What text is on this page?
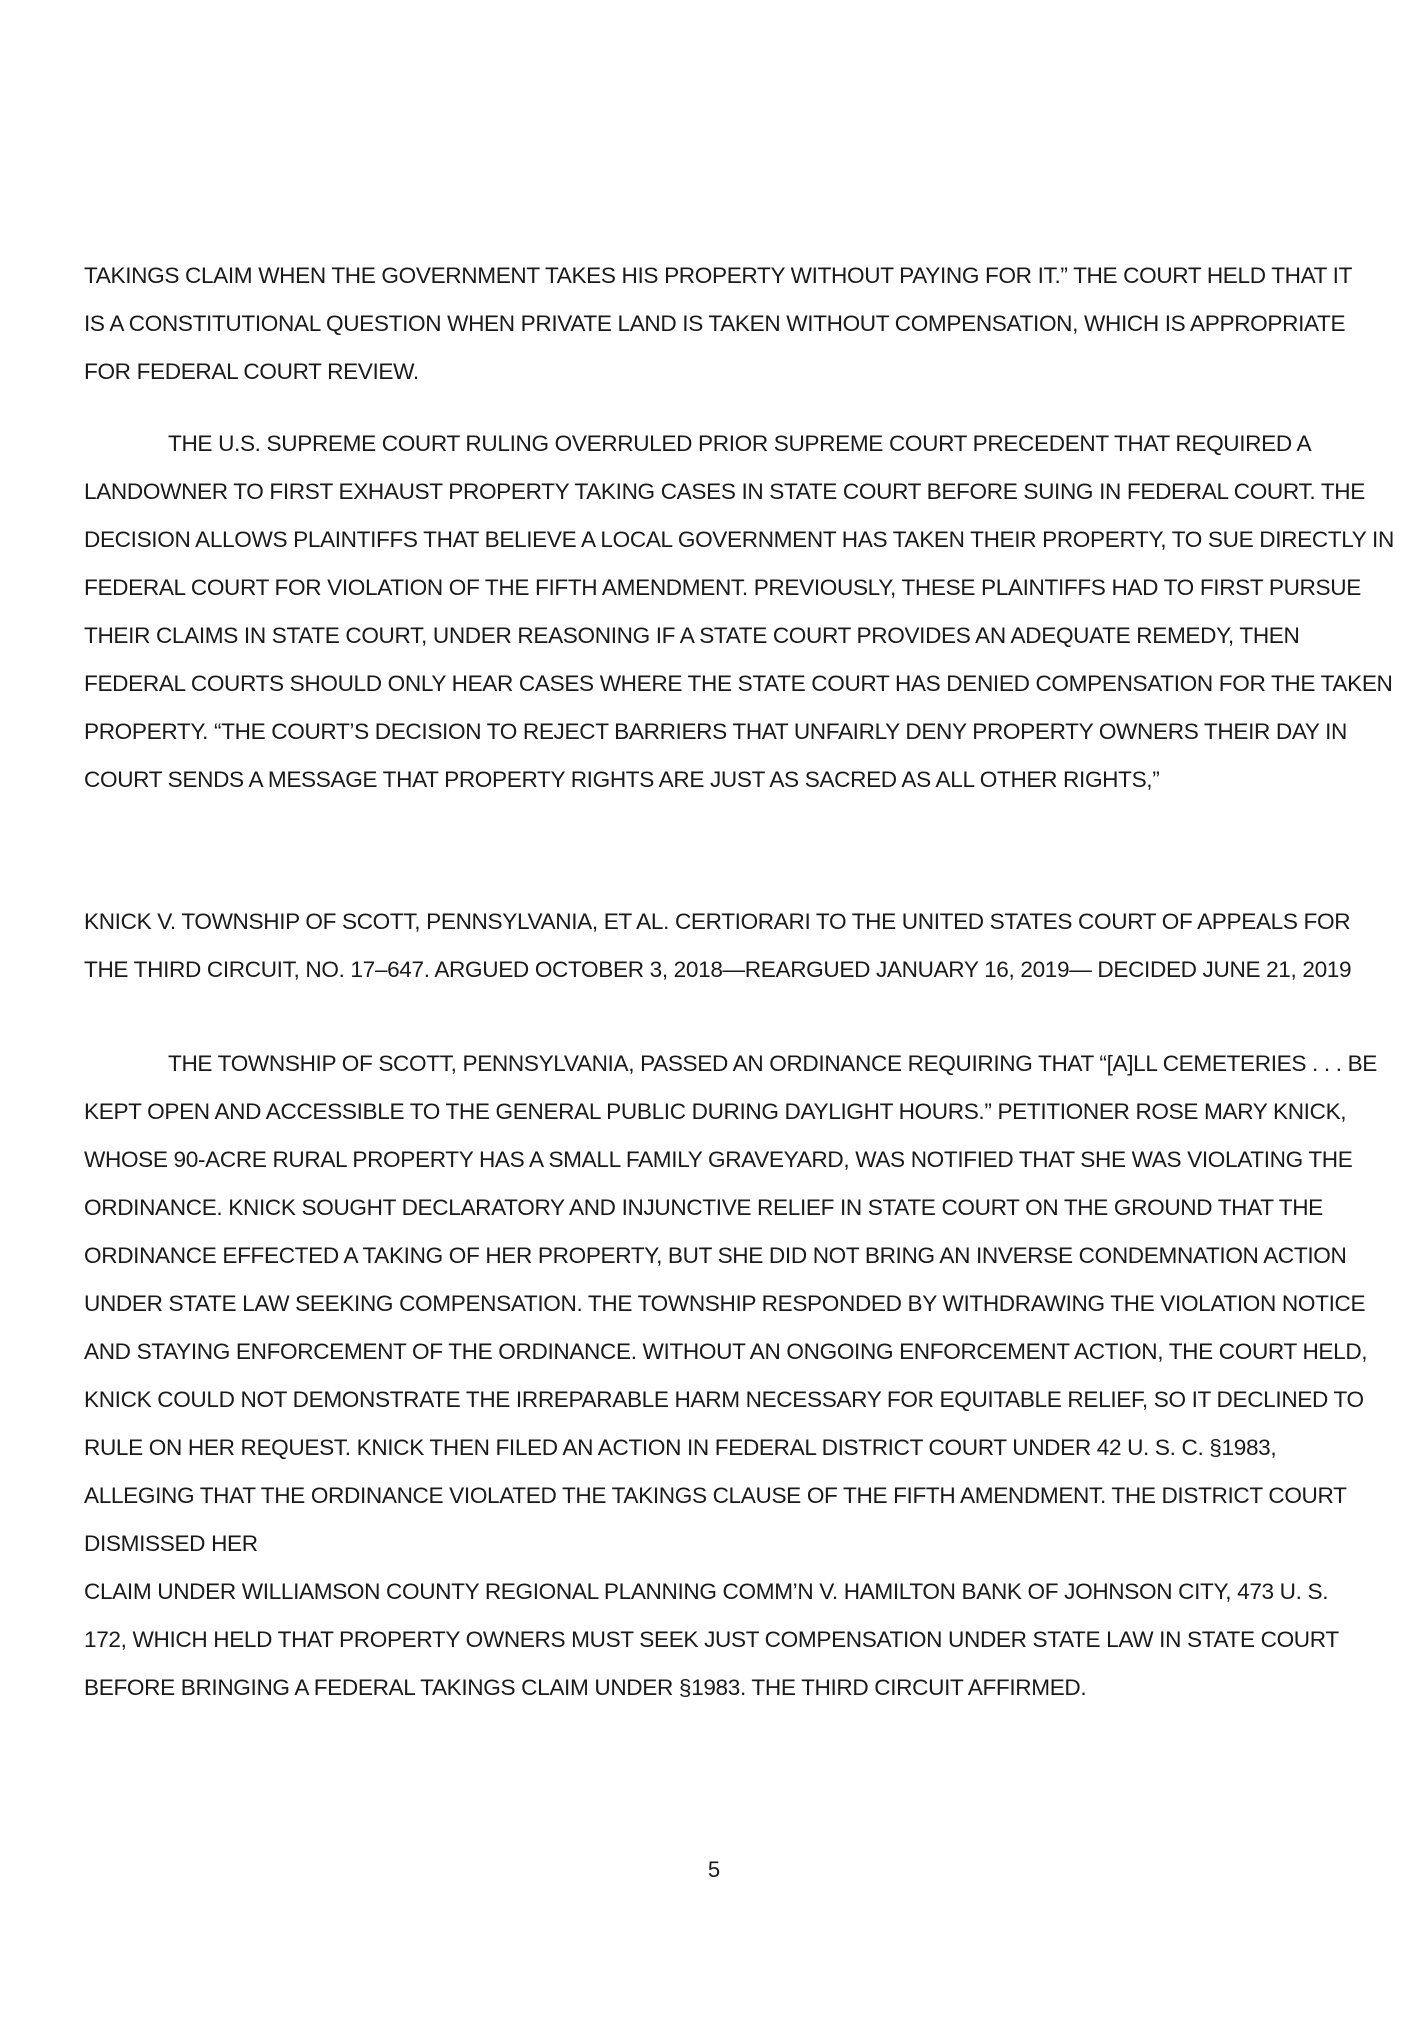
TAKINGS CLAIM WHEN THE GOVERNMENT TAKES HIS PROPERTY WITHOUT PAYING FOR IT.” THE COURT HELD THAT IT
IS A CONSTITUTIONAL QUESTION WHEN PRIVATE LAND IS TAKEN WITHOUT COMPENSATION, WHICH IS APPROPRIATE
FOR FEDERAL COURT REVIEW.
THE U.S. SUPREME COURT RULING OVERRULED PRIOR SUPREME COURT PRECEDENT THAT REQUIRED A
LANDOWNER TO FIRST EXHAUST PROPERTY TAKING CASES IN STATE COURT BEFORE SUING IN FEDERAL COURT. THE
DECISION ALLOWS PLAINTIFFS THAT BELIEVE A LOCAL GOVERNMENT HAS TAKEN THEIR PROPERTY, TO SUE DIRECTLY IN
FEDERAL COURT FOR VIOLATION OF THE FIFTH AMENDMENT. PREVIOUSLY, THESE PLAINTIFFS HAD TO FIRST PURSUE
THEIR CLAIMS IN STATE COURT, UNDER REASONING IF A STATE COURT PROVIDES AN ADEQUATE REMEDY, THEN
FEDERAL COURTS SHOULD ONLY HEAR CASES WHERE THE STATE COURT HAS DENIED COMPENSATION FOR THE TAKEN
PROPERTY. “THE COURT’S DECISION TO REJECT BARRIERS THAT UNFAIRLY DENY PROPERTY OWNERS THEIR DAY IN
COURT SENDS A MESSAGE THAT PROPERTY RIGHTS ARE JUST AS SACRED AS ALL OTHER RIGHTS,”
KNICK V. TOWNSHIP OF SCOTT, PENNSYLVANIA, ET AL. CERTIORARI TO THE UNITED STATES COURT OF APPEALS FOR
THE THIRD CIRCUIT, NO. 17–647. ARGUED OCTOBER 3, 2018—REARGUED JANUARY 16, 2019— DECIDED JUNE 21, 2019
THE TOWNSHIP OF SCOTT, PENNSYLVANIA, PASSED AN ORDINANCE REQUIRING THAT “[A]LL CEMETERIES . . . BE
KEPT OPEN AND ACCESSIBLE TO THE GENERAL PUBLIC DURING DAYLIGHT HOURS.” PETITIONER ROSE MARY KNICK,
WHOSE 90-ACRE RURAL PROPERTY HAS A SMALL FAMILY GRAVEYARD, WAS NOTIFIED THAT SHE WAS VIOLATING THE
ORDINANCE. KNICK SOUGHT DECLARATORY AND INJUNCTIVE RELIEF IN STATE COURT ON THE GROUND THAT THE
ORDINANCE EFFECTED A TAKING OF HER PROPERTY, BUT SHE DID NOT BRING AN INVERSE CONDEMNATION ACTION
UNDER STATE LAW SEEKING COMPENSATION. THE TOWNSHIP RESPONDED BY WITHDRAWING THE VIOLATION NOTICE
AND STAYING ENFORCEMENT OF THE ORDINANCE. WITHOUT AN ONGOING ENFORCEMENT ACTION, THE COURT HELD,
KNICK COULD NOT DEMONSTRATE THE IRREPARABLE HARM NECESSARY FOR EQUITABLE RELIEF, SO IT DECLINED TO
RULE ON HER REQUEST. KNICK THEN FILED AN ACTION IN FEDERAL DISTRICT COURT UNDER 42 U. S. C. §1983,
ALLEGING THAT THE ORDINANCE VIOLATED THE TAKINGS CLAUSE OF THE FIFTH AMENDMENT. THE DISTRICT COURT
DISMISSED HER
CLAIM UNDER WILLIAMSON COUNTY REGIONAL PLANNING COMM’N V. HAMILTON BANK OF JOHNSON CITY, 473 U. S.
172, WHICH HELD THAT PROPERTY OWNERS MUST SEEK JUST COMPENSATION UNDER STATE LAW IN STATE COURT
BEFORE BRINGING A FEDERAL TAKINGS CLAIM UNDER §1983. THE THIRD CIRCUIT AFFIRMED.
5
